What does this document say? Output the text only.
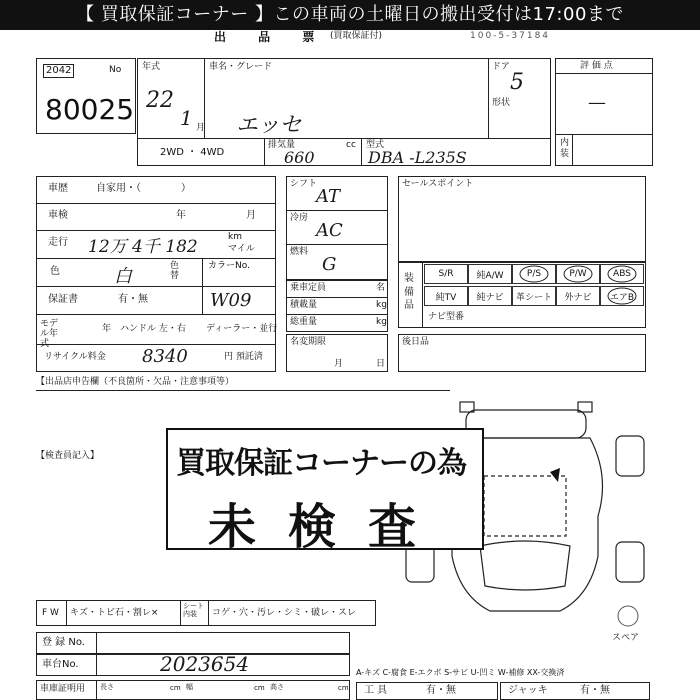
【 買取保証コーナー 】この車両の土曜日の搬出受付は17:00まで
出 品 票 (買取保証付)	100-5-37184
2042	No
80025
年式
22
1 月
車名・グレード
エッセ
ドア
5
形状
2WD ・ 4WD
排気量	cc
660
型式
DBA -L235S
評 価 点
—
内装
車歴	自家用・（　　　　）
車検	年	月
走行 12万 4千 182	km
マイル
色	白	色替
カラーNo.
保証書	有・無	W09
モデル年式
年 ハンドル 左・右 ディーラー・並行
リサイクル料金 8340	円 預託済
シフト
AT
冷房
AC
燃料
G
乗車定員	名
積載量	kg
総重量	kg
名変期限
月	日
セールスポイント
装備品
S/R	純A/W	P/S	P/W	ABS
純TV	純ナビ	革シート	外ナビ	エアB
ナビ型番
後日品
【出品店申告欄（不良箇所・欠品・注意事項等）
【検査員記入】
スペア
買取保証コーナーの為
未検査
F W キズ・トビ石・割レ×
シート内装	コゲ・穴・汚レ・シミ・破レ・スレ
登 録 No.
車台No.	2023654
車庫証明用 長さ	cm 幅	cm 高さ	cm
A-キズ C-腐食 E-エクボ S-サビ U-凹ミ W-補修 XX-交換済
工 具	有・無	ジャッキ	有・無
